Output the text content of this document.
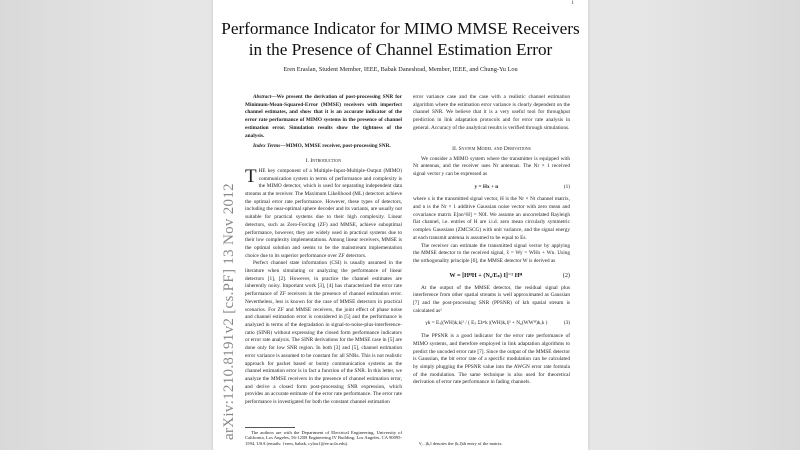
1
arXiv:1210.8191v2 [cs.PF] 13 Nov 2012
Performance Indicator for MIMO MMSE Receivers
in the Presence of Channel Estimation Error
Eren Eraslan, Student Member, IEEE, Babak Daneshrad, Member, IEEE, and Chung-Yu Lou

Abstract—We present the derivation of post-processing SNR for Minimum-Mean-Squared-Error (MMSE) receivers with imperfect channel estimates, and show that it is an accurate indicator of the error rate performance of MIMO systems in the presence of channel estimation error. Simulation results show the tightness of the analysis.

Index Terms—MIMO, MMSE receiver, post-processing SNR.

I. Introduction

THE key component of a Multiple-Input-Multiple-Output (MIMO) communication system in terms of performance and complexity is the MIMO detector, which is used for separating independent data streams at the receiver. The Maximum Likelihood (ML) detectors achieve the optimal error rate performance. However, these types of detectors, including the near-optimal sphere decoder and its variants, are usually not suitable for practical systems due to their high complexity. Linear detectors, such as Zero-Forcing (ZF) and MMSE, achieve suboptimal performance, however, they are widely used in practical systems due to their low complexity implementations. Among linear receivers, MMSE is the optimal solution and seems to be the mainstream implementation choice due to its superior performance over ZF detectors.

Perfect channel state information (CSI) is usually assumed in the literature when simulating or analyzing the performance of linear detectors [1], [2]. However, in practice the channel estimates are inherently noisy. Important work [3], [4] has characterized the error rate performance of ZF receivers in the presence of channel estimation error. Nevertheless, less is known for the case of MMSE detectors in practical scenarios. For ZF and MMSE receivers, the joint effect of phase noise and channel estimation error is considered in [5] and the performance is analyzed in terms of the degradation in signal-to-noise-plus-interference-ratio (SINR) without expressing the closed form performance indicators or error rate analysis. The SINR derivations for the MMSE case in [5] are done only for low SNR region. In both [3] and [5], channel estimation error variance is assumed to be constant for all SNRs. This is not realistic approach for packet based or bursty communication systems as the channel estimation error is in fact a function of the SNR. In this letter, we analyze the MMSE receivers in the presence of channel estimation error, and derive a closed form post-processing SNR expression, which provides an accurate estimate of the error rate performance. The error rate performance is investigated for both the constant channel estimation

The authors are with the Department of Electrical Engineering, University of California, Los Angeles, 56-125B Engineering IV Building, Los Angeles, CA 90095-1594, USA (emails: {eren, babak, cylou}@ee.ucla.edu).

error variance case and the case with a realistic channel estimation algorithm where the estimation error variance is clearly dependent on the channel SNR. We believe that it is a very useful tool for throughput prediction in link adaptation protocols and for error rate analysis in general. Accuracy of the analytical results is verified through simulations.

II. System Model and Derivations

We consider a MIMO system where the transmitter is equipped with Nt antennas, and the receiver uses Nr antennas. The Nr × 1 received signal vector y can be expressed as

y = Hx + n	(1)

where x is the transmitted signal vector, H is the Nr × Nt channel matrix, and n is the Nr × 1 additive Gaussian noise vector with zero mean and covariance matrix E[nn^H] = N0I. We assume an uncorrelated Rayleigh flat channel, i.e. entries of H are i.i.d. zero mean circularly symmetric complex Gaussians (ZMCSCG) with unit variance, and the signal energy at each transmit antenna is assumed to be equal to Es.

The receiver can estimate the transmitted signal vector by applying the MMSE detector to the received signal, x̂ = Wy = WHx + Wn. Using the orthogonality principle [6], the MMSE detector W is derived as

W = [HᴴH + (N₀/Eₛ) I]⁻¹ Hᴴ	(2)

At the output of the MMSE detector, the residual signal plus interference from other spatial streams is well approximated as Gaussian [7] and the post-processing SNR (PPSNR) of kth spatial stream is calculated as¹

γk = Eₛ|(WH)k,k|² / ( Eₛ Σl≠k |(WH)k,l|² + N₀(WWᴴ)k,k )	(3)

The PPSNR is a good indicator for the error rate performance of MIMO systems, and therefore employed in link adaptation algorithms to predict the uncoded error rate [7]. Since the output of the MMSE detector is Gaussian, the bit error rate of a specific modulation can be calculated by simply plugging the PPSNR value into the AWGN error rate formula of the modulation. The same technique is also used for theoretical derivation of error rate performance in fading channels.

¹(...)k,l denotes the (k,l)th entry of the matrix.
